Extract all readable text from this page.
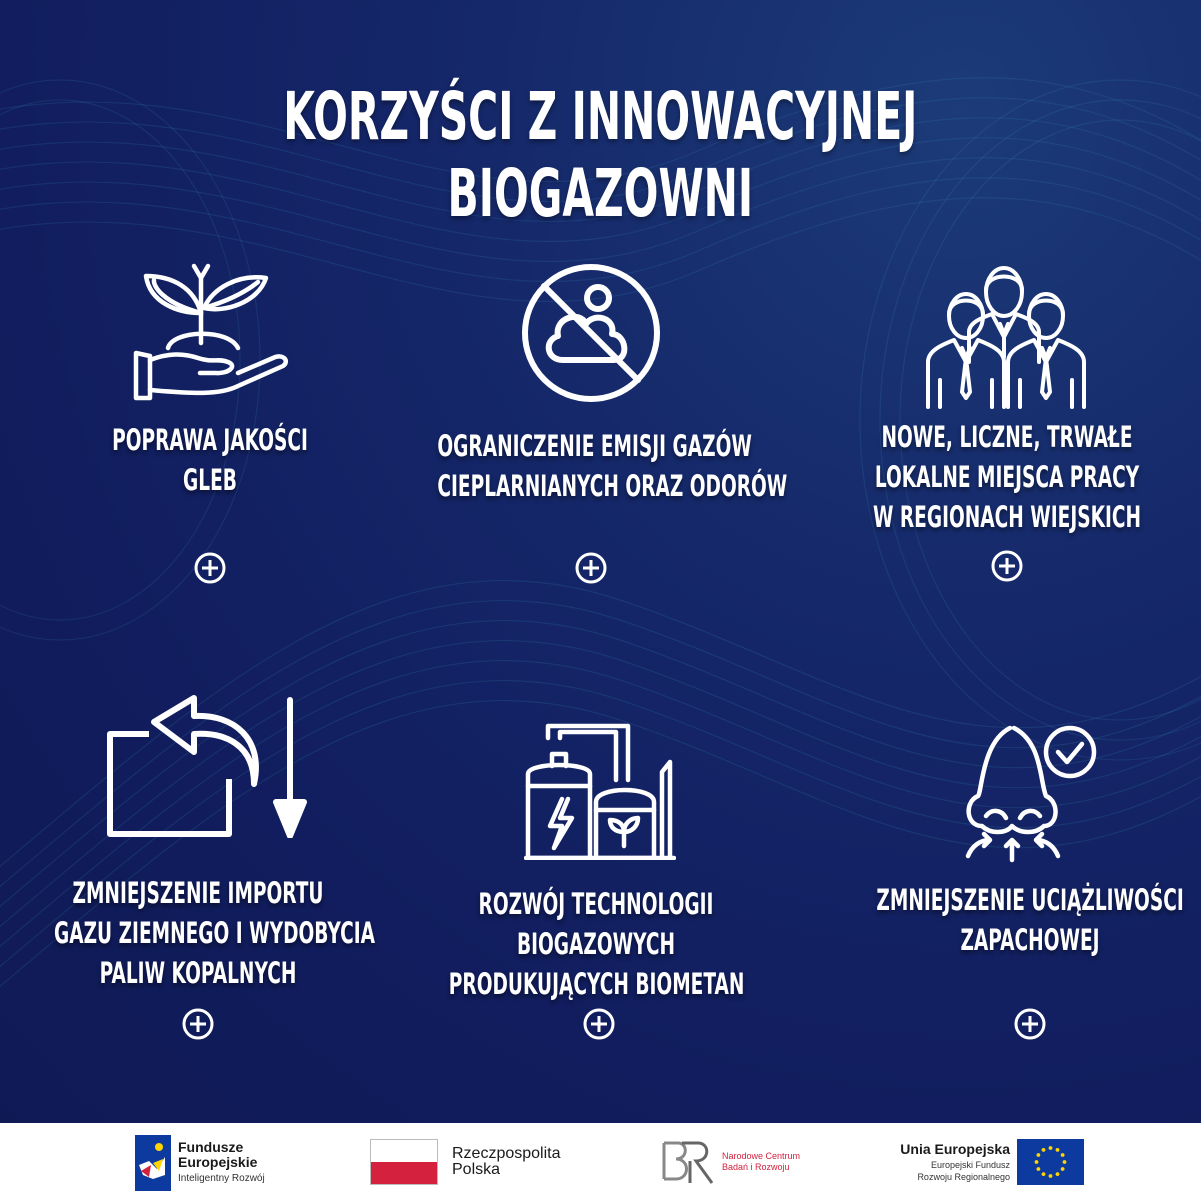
KORZYŚCI Z INNOWACYJNEJ BIOGAZOWNI
POPRAWA JAKOŚCI
GLEB
OGRANICZENIE EMISJI GAZÓW
CIEPLARNIANYCH ORAZ ODORÓW
NOWE, LICZNE, TRWAŁE
LOKALNE MIEJSCA PRACY
W REGIONACH WIEJSKICH
ZMNIEJSZENIE IMPORTU
GAZU ZIEMNEGO I WYDOBYCIA
PALIW KOPALNYCH
ROZWÓJ TECHNOLOGII
BIOGAZOWYCH
PRODUKUJĄCYCH BIOMETAN
ZMNIEJSZENIE UCIĄŻLIWOŚCI
ZAPACHOWEJ
Fundusze
Europejskie
Inteligentny Rozwój
Rzeczpospolita
Polska
Narodowe Centrum
Badań i Rozwoju
Unia Europejska
Europejski Fundusz
Rozwoju Regionalnego
